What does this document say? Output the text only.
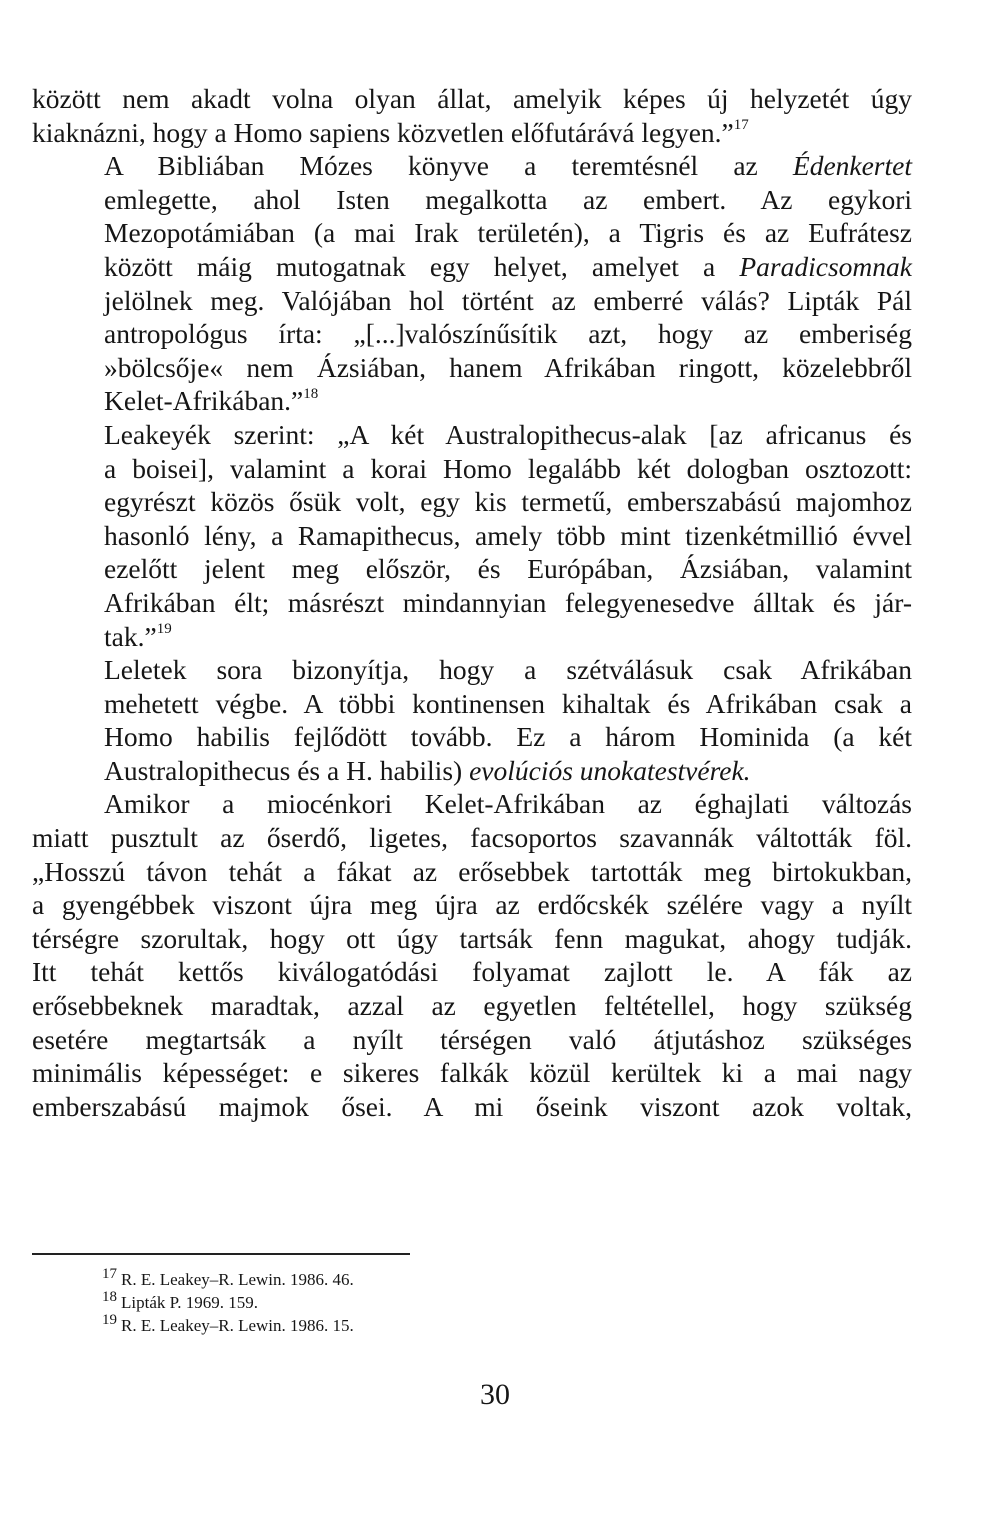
között nem akadt volna olyan állat, amelyik képes új helyzetét úgy
kiaknázni, hogy a Homo sapiens közvetlen előfutárává legyen.”$^{17}$

A Bibliában Mózes könyve a teremtésnél az Édenkertet
emlegette, ahol Isten megalkotta az embert. Az egykori
Mezopotámiában (a mai Irak területén), a Tigris és az Eufrátesz
között máig mutogatnak egy helyet, amelyet a Paradicsomnak
jelölnek meg. Valójában hol történt az emberré válás? Lipták Pál
antropológus írta: „[...]valószínűsítik azt, hogy az emberiség
»bölcsője« nem Ázsiában, hanem Afrikában ringott, közelebbről
Kelet-Afrikában.”$^{18}$

Leakeyék szerint: „A két Australopithecus-alak [az africanus és
a boisei], valamint a korai Homo legalább két dologban osztozott:
egyrészt közös ősük volt, egy kis termetű, emberszabású majomhoz
hasonló lény, a Ramapithecus, amely több mint tizenkétmillió évvel
ezelőtt jelent meg először, és Európában, Ázsiában, valamint
Afrikában élt; másrészt mindannyian felegyenesedve álltak és jár-
tak.”$^{19}$

Leletek sora bizonyítja, hogy a szétválásuk csak Afrikában
mehetett végbe. A többi kontinensen kihaltak és Afrikában csak a
Homo habilis fejlődött tovább. Ez a három Hominida (a két
Australopithecus és a H. habilis) evolúciós unokatestvérek.

Amikor a miocénkori Kelet-Afrikában az éghajlati változás
miatt pusztult az őserdő, ligetes, facsoportos szavannák váltották föl.
„Hosszú távon tehát a fákat az erősebbek tartották meg birtokukban,
a gyengébbek viszont újra meg újra az erdőcskék szélére vagy a nyílt
térségre szorultak, hogy ott úgy tartsák fenn magukat, ahogy tudják.
Itt tehát kettős kiválogatódási folyamat zajlott le. A fák az
erősebbeknek maradtak, azzal az egyetlen feltétellel, hogy szükség
esetére megtartsák a nyílt térségen való átjutáshoz szükséges
minimális képességet: e sikeres falkák közül kerültek ki a mai nagy
emberszabású majmok ősei. A mi őseink viszont azok voltak,

$^{17}$ R. E. Leakey–R. Lewin. 1986. 46.
$^{18}$ Lipták P. 1969. 159.
$^{19}$ R. E. Leakey–R. Lewin. 1986. 15.
30
